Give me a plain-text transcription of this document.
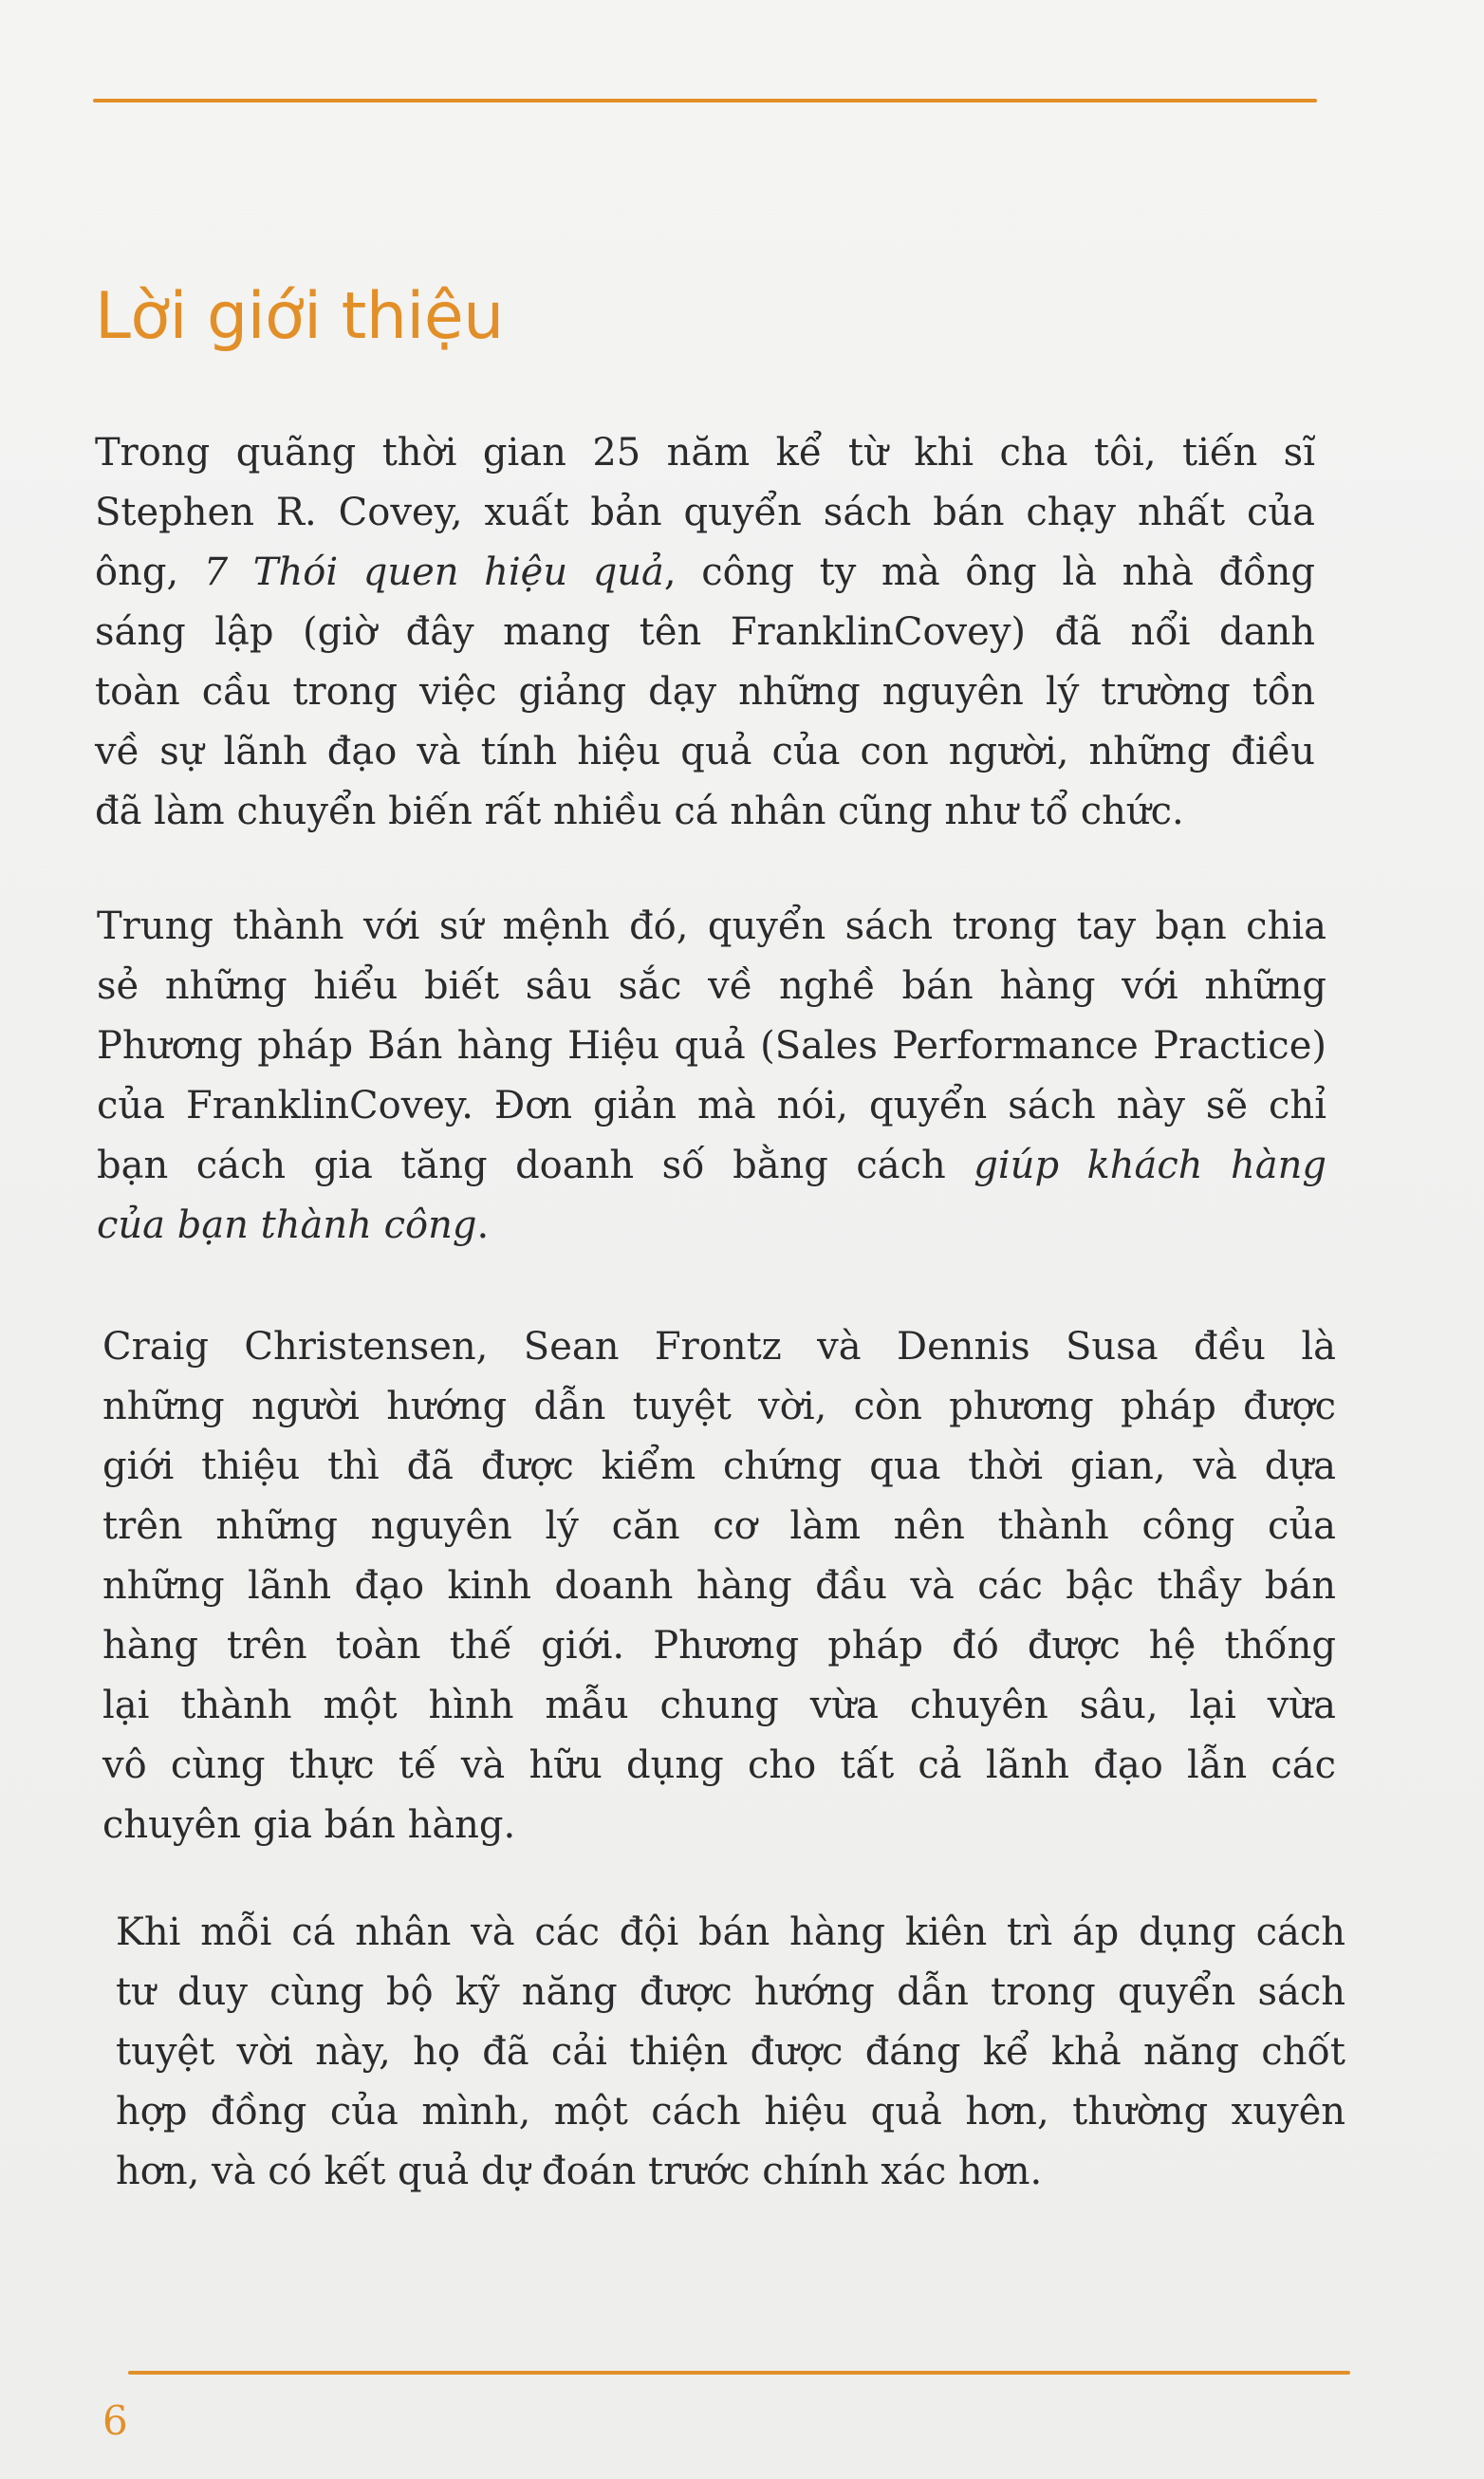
Lời giới thiệu
Trong quãng thời gian 25 năm kể từ khi cha tôi, tiến sĩ
Stephen R. Covey, xuất bản quyển sách bán chạy nhất của
ông, 7 Thói quen hiệu quả, công ty mà ông là nhà đồng
sáng lập (giờ đây mang tên FranklinCovey) đã nổi danh
toàn cầu trong việc giảng dạy những nguyên lý trường tồn
về sự lãnh đạo và tính hiệu quả của con người, những điều
đã làm chuyển biến rất nhiều cá nhân cũng như tổ chức.
Trung thành với sứ mệnh đó, quyển sách trong tay bạn chia
sẻ những hiểu biết sâu sắc về nghề bán hàng với những
Phương pháp Bán hàng Hiệu quả (Sales Performance Practice)
của FranklinCovey. Đơn giản mà nói, quyển sách này sẽ chỉ
bạn cách gia tăng doanh số bằng cách giúp khách hàng
của bạn thành công.
Craig Christensen, Sean Frontz và Dennis Susa đều là
những người hướng dẫn tuyệt vời, còn phương pháp được
giới thiệu thì đã được kiểm chứng qua thời gian, và dựa
trên những nguyên lý căn cơ làm nên thành công của
những lãnh đạo kinh doanh hàng đầu và các bậc thầy bán
hàng trên toàn thế giới. Phương pháp đó được hệ thống
lại thành một hình mẫu chung vừa chuyên sâu, lại vừa
vô cùng thực tế và hữu dụng cho tất cả lãnh đạo lẫn các
chuyên gia bán hàng.
Khi mỗi cá nhân và các đội bán hàng kiên trì áp dụng cách
tư duy cùng bộ kỹ năng được hướng dẫn trong quyển sách
tuyệt vời này, họ đã cải thiện được đáng kể khả năng chốt
hợp đồng của mình, một cách hiệu quả hơn, thường xuyên
hơn, và có kết quả dự đoán trước chính xác hơn.
6
